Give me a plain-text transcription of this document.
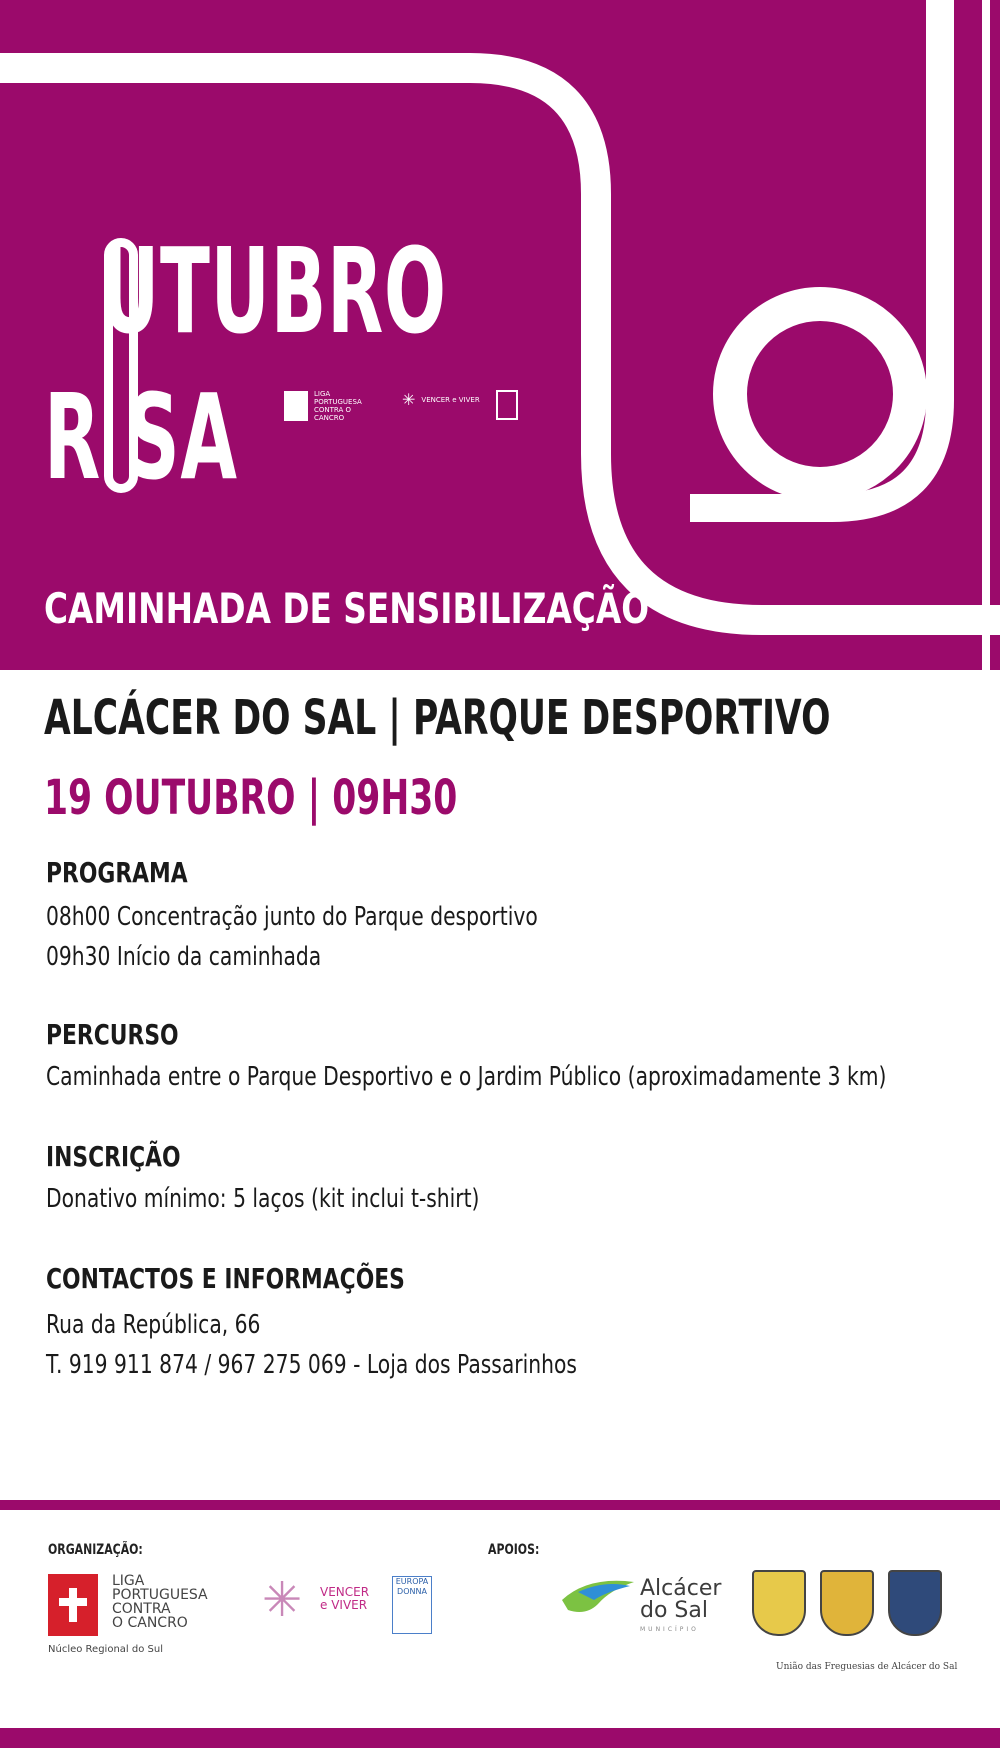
UTUBRO
R SA	LIGA PORTUGUESA CONTRA O CANCRO
✳ VENCER e VIVER
CAMINHADA DE SENSIBILIZAÇÃO
ALCÁCER DO SAL | PARQUE DESPORTIVO
19 OUTUBRO | 09H30
PROGRAMA
08h00 Concentração junto do Parque desportivo
09h30 Início da caminhada
PERCURSO
Caminhada entre o Parque Desportivo e o Jardim Público (aproximadamente 3 km)
INSCRIÇÃO
Donativo mínimo: 5 laços (kit inclui t-shirt)
CONTACTOS E INFORMAÇÕES
Rua da República, 66
T. 919 911 874 / 967 275 069 - Loja dos Passarinhos
ORGANIZAÇÃO:	APOIOS:
LIGA
PORTUGUESA
CONTRA
O CANCRO
Núcleo Regional do Sul
✳ VENCER
e VIVER
EUROPA DONNA	Alcácer
do Sal
MUNICÍPIO
União das Freguesias de Alcácer do Sal
